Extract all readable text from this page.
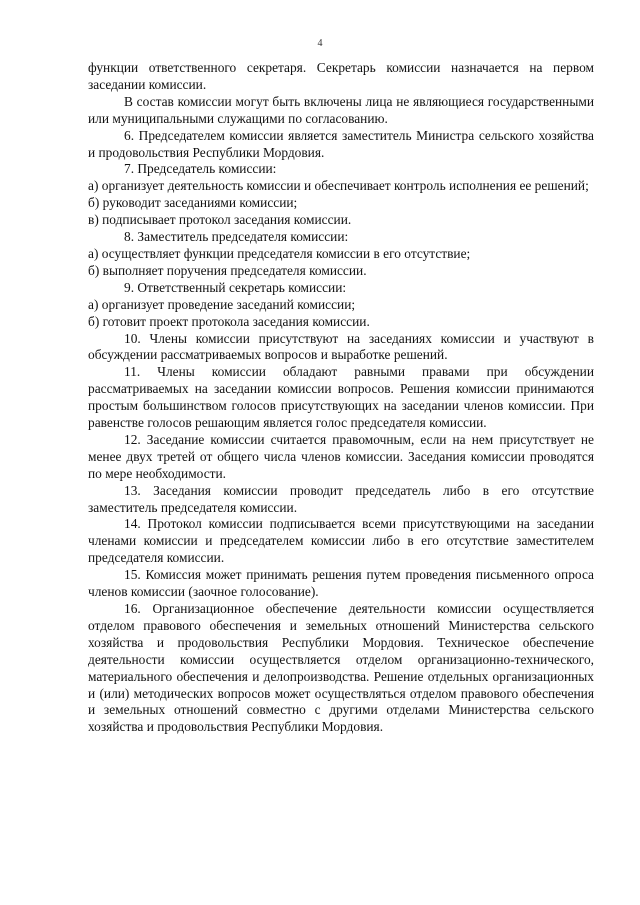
4

функции ответственного секретаря. Секретарь комиссии назначается на первом заседании комиссии.

В состав комиссии могут быть включены лица не являющиеся государственными или муниципальными служащими по согласованию.

6. Председателем комиссии является заместитель Министра сельского хозяйства и продовольствия Республики Мордовия.

7. Председатель комиссии:

а) организует деятельность комиссии и обеспечивает контроль исполнения ее решений;

б) руководит заседаниями комиссии;

в) подписывает протокол заседания комиссии.

8. Заместитель председателя комиссии:

а) осуществляет функции председателя комиссии в его отсутствие;

б) выполняет поручения председателя комиссии.

9. Ответственный секретарь комиссии:

а) организует проведение заседаний комиссии;

б) готовит проект протокола заседания комиссии.

10. Члены комиссии присутствуют на заседаниях комиссии и участвуют в обсуждении рассматриваемых вопросов и выработке решений.

11. Члены комиссии обладают равными правами при обсуждении рассматриваемых на заседании комиссии вопросов. Решения комиссии принимаются простым большинством голосов присутствующих на заседании членов комиссии. При равенстве голосов решающим является голос председателя комиссии.

12. Заседание комиссии считается правомочным, если на нем присутствует не менее двух третей от общего числа членов комиссии. Заседания комиссии проводятся по мере необходимости.

13. Заседания комиссии проводит председатель либо в его отсутствие заместитель председателя комиссии.

14. Протокол комиссии подписывается всеми присутствующими на заседании членами комиссии и председателем комиссии либо в его отсутствие заместителем председателя комиссии.

15. Комиссия может принимать решения путем проведения письменного опроса членов комиссии (заочное голосование).

16. Организационное обеспечение деятельности комиссии осуществляется отделом правового обеспечения и земельных отношений Министерства сельского хозяйства и продовольствия Республики Мордовия. Техническое обеспечение деятельности комиссии осуществляется отделом организационно-технического, материального обеспечения и делопроизводства. Решение отдельных организационных и (или) методических вопросов может осуществляться отделом правового обеспечения и земельных отношений совместно с другими отделами Министерства сельского хозяйства и продовольствия Республики Мордовия.
